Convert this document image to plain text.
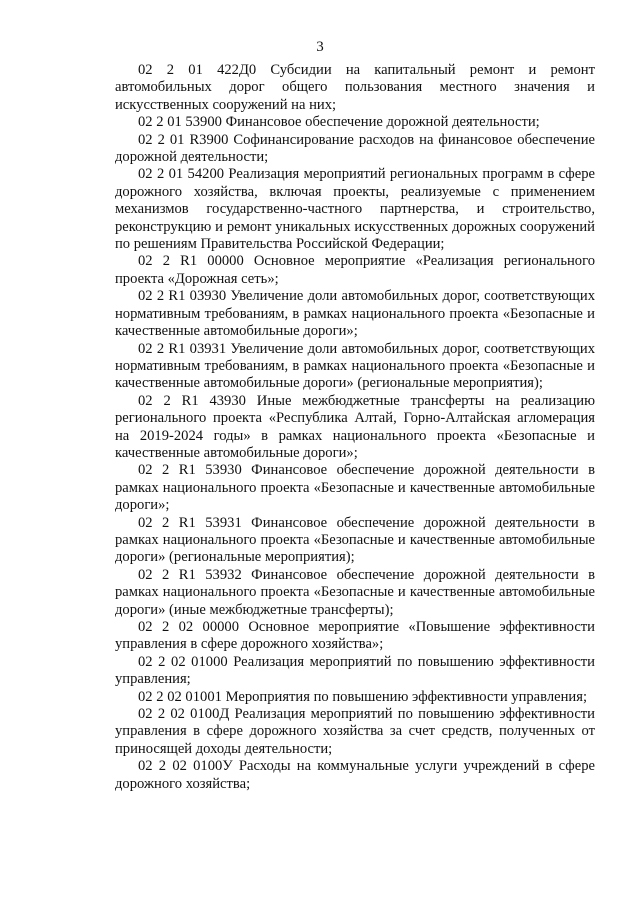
3

02 2 01 422Д0 Субсидии на капитальный ремонт и ремонт автомобильных дорог общего пользования местного значения и искусственных сооружений на них;

02 2 01 53900 Финансовое обеспечение дорожной деятельности;

02 2 01 R3900 Софинансирование расходов на финансовое обеспечение дорожной деятельности;

02 2 01 54200 Реализация мероприятий региональных программ в сфере дорожного хозяйства, включая проекты, реализуемые с применением механизмов государственно-частного партнерства, и строительство, реконструкцию и ремонт уникальных искусственных дорожных сооружений по решениям Правительства Российской Федерации;

02 2 R1 00000 Основное мероприятие «Реализация регионального проекта «Дорожная сеть»;

02 2 R1 03930 Увеличение доли автомобильных дорог, соответствующих нормативным требованиям, в рамках национального проекта «Безопасные и качественные автомобильные дороги»;

02 2 R1 03931 Увеличение доли автомобильных дорог, соответствующих нормативным требованиям, в рамках национального проекта «Безопасные и качественные автомобильные дороги» (региональные мероприятия);

02 2 R1 43930 Иные межбюджетные трансферты на реализацию регионального проекта «Республика Алтай, Горно-Алтайская агломерация на 2019-2024 годы» в рамках национального проекта «Безопасные и качественные автомобильные дороги»;

02 2 R1 53930 Финансовое обеспечение дорожной деятельности в рамках национального проекта «Безопасные и качественные автомобильные дороги»;

02 2 R1 53931 Финансовое обеспечение дорожной деятельности в рамках национального проекта «Безопасные и качественные автомобильные дороги» (региональные мероприятия);

02 2 R1 53932 Финансовое обеспечение дорожной деятельности в рамках национального проекта «Безопасные и качественные автомобильные дороги» (иные межбюджетные трансферты);

02 2 02 00000 Основное мероприятие «Повышение эффективности управления в сфере дорожного хозяйства»;

02 2 02 01000 Реализация мероприятий по повышению эффективности управления;

02 2 02 01001 Мероприятия по повышению эффективности управления;

02 2 02 0100Д Реализация мероприятий по повышению эффективности управления в сфере дорожного хозяйства за счет средств, полученных от приносящей доходы деятельности;

02 2 02 0100У Расходы на коммунальные услуги учреждений в сфере дорожного хозяйства;
